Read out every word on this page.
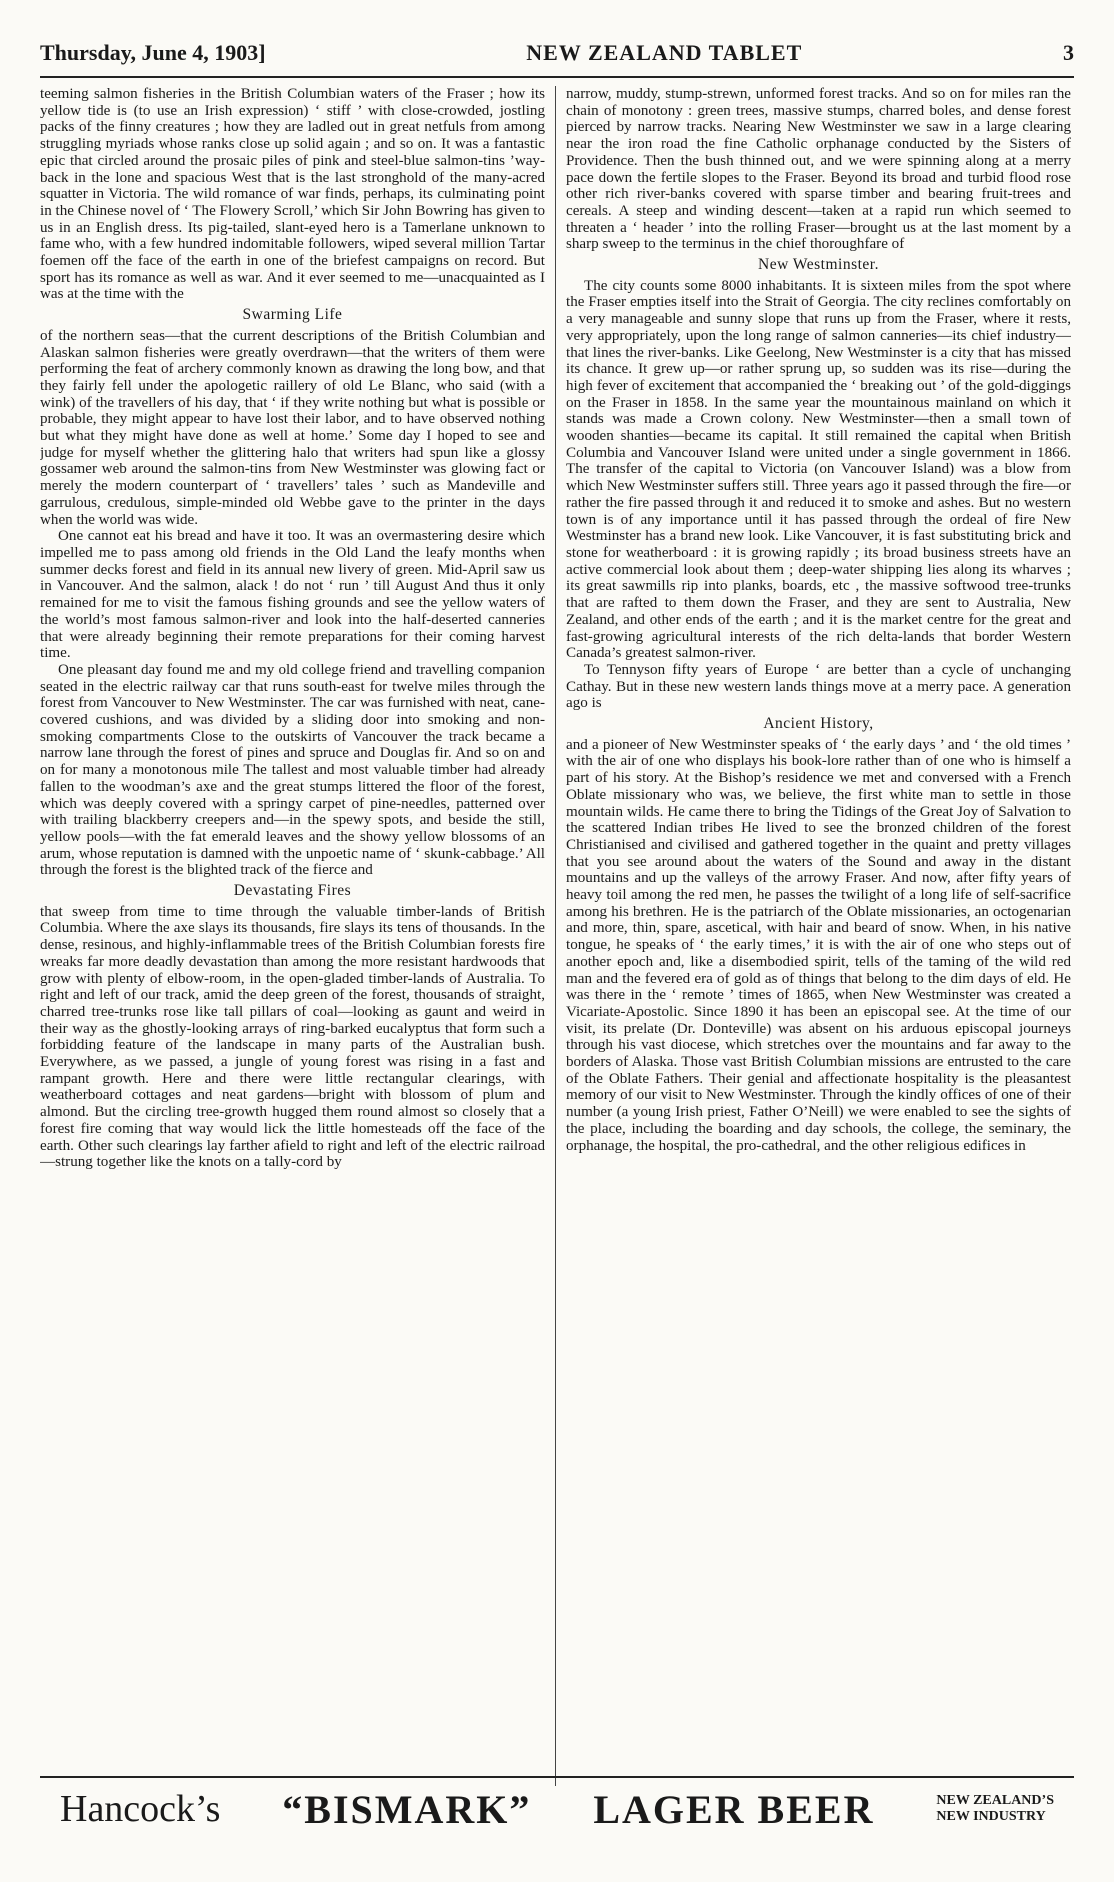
Thursday, June 4, 1903]	NEW ZEALAND TABLET	3

teeming salmon fisheries in the British Columbian waters of the Fraser ; how its yellow tide is (to use an Irish expression) ‘ stiff ’ with close-crowded, jostling packs of the finny creatures ; how they are ladled out in great netfuls from among struggling myriads whose ranks close up solid again ; and so on. It was a fantastic epic that circled around the prosaic piles of pink and steel-blue salmon-tins ’way-back in the lone and spacious West that is the last stronghold of the many-acred squatter in Victoria. The wild romance of war finds, perhaps, its culminating point in the Chinese novel of ‘ The Flowery Scroll,’ which Sir John Bowring has given to us in an English dress. Its pig-tailed, slant-eyed hero is a Tamerlane unknown to fame who, with a few hundred indomitable followers, wiped several million Tartar foemen off the face of the earth in one of the briefest campaigns on record. But sport has its romance as well as war. And it ever seemed to me—unacquainted as I was at the time with the

Swarming Life

of the northern seas—that the current descriptions of the British Columbian and Alaskan salmon fisheries were greatly overdrawn—that the writers of them were performing the feat of archery commonly known as drawing the long bow, and that they fairly fell under the apologetic raillery of old Le Blanc, who said (with a wink) of the travellers of his day, that ‘ if they write nothing but what is possible or probable, they might appear to have lost their labor, and to have observed nothing but what they might have done as well at home.’ Some day I hoped to see and judge for myself whether the glittering halo that writers had spun like a glossy gossamer web around the salmon-tins from New Westminster was glowing fact or merely the modern counterpart of ‘ travellers’ tales ’ such as Mandeville and garrulous, credulous, simple-minded old Webbe gave to the printer in the days when the world was wide.

One cannot eat his bread and have it too. It was an overmastering desire which impelled me to pass among old friends in the Old Land the leafy months when summer decks forest and field in its annual new livery of green. Mid-April saw us in Vancouver. And the salmon, alack ! do not ‘ run ’ till August And thus it only remained for me to visit the famous fishing grounds and see the yellow waters of the world’s most famous salmon-river and look into the half-deserted canneries that were already beginning their remote preparations for their coming harvest time.

One pleasant day found me and my old college friend and travelling companion seated in the electric railway car that runs south-east for twelve miles through the forest from Vancouver to New Westminster. The car was furnished with neat, cane-covered cushions, and was divided by a sliding door into smoking and non-smoking compartments Close to the outskirts of Vancouver the track became a narrow lane through the forest of pines and spruce and Douglas fir. And so on and on for many a monotonous mile The tallest and most valuable timber had already fallen to the woodman’s axe and the great stumps littered the floor of the forest, which was deeply covered with a springy carpet of pine-needles, patterned over with trailing blackberry creepers and—in the spewy spots, and beside the still, yellow pools—with the fat emerald leaves and the showy yellow blossoms of an arum, whose reputation is damned with the unpoetic name of ‘ skunk-cabbage.’ All through the forest is the blighted track of the fierce and

Devastating Fires

that sweep from time to time through the valuable timber-lands of British Columbia. Where the axe slays its thousands, fire slays its tens of thousands. In the dense, resinous, and highly-inflammable trees of the British Columbian forests fire wreaks far more deadly devastation than among the more resistant hardwoods that grow with plenty of elbow-room, in the open-gladed timber-lands of Australia. To right and left of our track, amid the deep green of the forest, thousands of straight, charred tree-trunks rose like tall pillars of coal—looking as gaunt and weird in their way as the ghostly-looking arrays of ring-barked eucalyptus that form such a forbidding feature of the landscape in many parts of the Australian bush. Everywhere, as we passed, a jungle of young forest was rising in a fast and rampant growth. Here and there were little rectangular clearings, with weatherboard cottages and neat gardens—bright with blossom of plum and almond. But the circling tree-growth hugged them round almost so closely that a forest fire coming that way would lick the little homesteads off the face of the earth. Other such clearings lay farther afield to right and left of the electric railroad—strung together like the knots on a tally-cord by

narrow, muddy, stump-strewn, unformed forest tracks. And so on for miles ran the chain of monotony : green trees, massive stumps, charred boles, and dense forest pierced by narrow tracks. Nearing New Westminster we saw in a large clearing near the iron road the fine Catholic orphanage conducted by the Sisters of Providence. Then the bush thinned out, and we were spinning along at a merry pace down the fertile slopes to the Fraser. Beyond its broad and turbid flood rose other rich river-banks covered with sparse timber and bearing fruit-trees and cereals. A steep and winding descent—taken at a rapid run which seemed to threaten a ‘ header ’ into the rolling Fraser—brought us at the last moment by a sharp sweep to the terminus in the chief thoroughfare of

New Westminster.

The city counts some 8000 inhabitants. It is sixteen miles from the spot where the Fraser empties itself into the Strait of Georgia. The city reclines comfortably on a very manageable and sunny slope that runs up from the Fraser, where it rests, very appropriately, upon the long range of salmon canneries—its chief industry—that lines the river-banks. Like Geelong, New Westminster is a city that has missed its chance. It grew up—or rather sprung up, so sudden was its rise—during the high fever of excitement that accompanied the ‘ breaking out ’ of the gold-diggings on the Fraser in 1858. In the same year the mountainous mainland on which it stands was made a Crown colony. New Westminster—then a small town of wooden shanties—became its capital. It still remained the capital when British Columbia and Vancouver Island were united under a single government in 1866. The transfer of the capital to Victoria (on Vancouver Island) was a blow from which New Westminster suffers still. Three years ago it passed through the fire—or rather the fire passed through it and reduced it to smoke and ashes. But no western town is of any importance until it has passed through the ordeal of fire New Westminster has a brand new look. Like Vancouver, it is fast substituting brick and stone for weatherboard : it is growing rapidly ; its broad business streets have an active commercial look about them ; deep-water shipping lies along its wharves ; its great sawmills rip into planks, boards, etc , the massive softwood tree-trunks that are rafted to them down the Fraser, and they are sent to Australia, New Zealand, and other ends of the earth ; and it is the market centre for the great and fast-growing agricultural interests of the rich delta-lands that border Western Canada’s greatest salmon-river.

To Tennyson fifty years of Europe ‘ are better than a cycle of unchanging Cathay. But in these new western lands things move at a merry pace. A generation ago is

Ancient History,

and a pioneer of New Westminster speaks of ‘ the early days ’ and ‘ the old times ’ with the air of one who displays his book-lore rather than of one who is himself a part of his story. At the Bishop’s residence we met and conversed with a French Oblate missionary who was, we believe, the first white man to settle in those mountain wilds. He came there to bring the Tidings of the Great Joy of Salvation to the scattered Indian tribes He lived to see the bronzed children of the forest Christianised and civilised and gathered together in the quaint and pretty villages that you see around about the waters of the Sound and away in the distant mountains and up the valleys of the arrowy Fraser. And now, after fifty years of heavy toil among the red men, he passes the twilight of a long life of self-sacrifice among his brethren. He is the patriarch of the Oblate missionaries, an octogenarian and more, thin, spare, ascetical, with hair and beard of snow. When, in his native tongue, he speaks of ‘ the early times,’ it is with the air of one who steps out of another epoch and, like a disembodied spirit, tells of the taming of the wild red man and the fevered era of gold as of things that belong to the dim days of eld. He was there in the ‘ remote ’ times of 1865, when New Westminster was created a Vicariate-Apostolic. Since 1890 it has been an episcopal see. At the time of our visit, its prelate (Dr. Donteville) was absent on his arduous episcopal journeys through his vast diocese, which stretches over the mountains and far away to the borders of Alaska. Those vast British Columbian missions are entrusted to the care of the Oblate Fathers. Their genial and affectionate hospitality is the pleasantest memory of our visit to New Westminster. Through the kindly offices of one of their number (a young Irish priest, Father O’Neill) we were enabled to see the sights of the place, including the boarding and day schools, the college, the seminary, the orphanage, the hospital, the pro-cathedral, and the other religious edifices in

Hancock’s “BISMARK” LAGER BEER	NEW ZEALAND’S
NEW INDUSTRY
